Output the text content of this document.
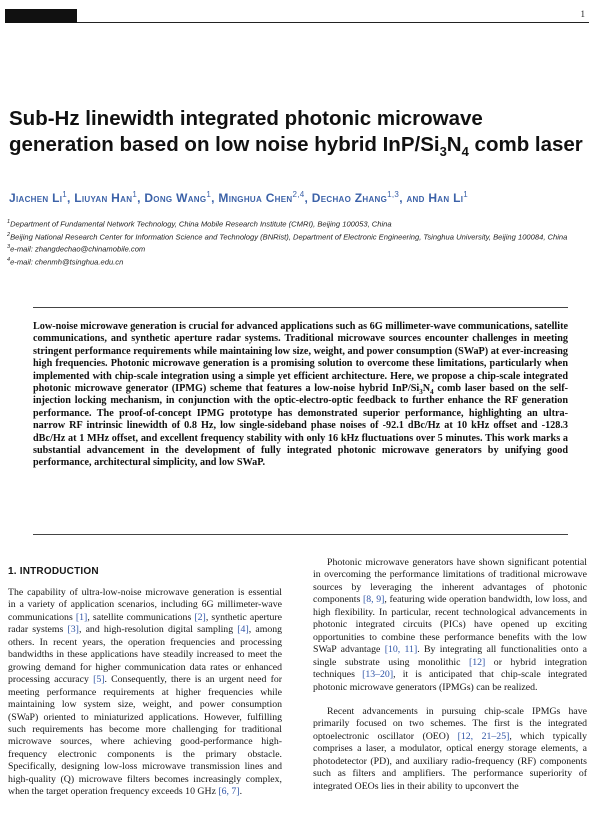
1
Sub-Hz linewidth integrated photonic microwave generation based on low noise hybrid InP/$Si_3N_4$ comb laser
Jiachen Li$^1$, Liuyan Han$^1$, Dong Wang$^1$, Minghua Chen$^{2,4}$, Dechao Zhang$^{1,3}$, and Han Li$^1$
$^1$Department of Fundamental Network Technology, China Mobile Research Institute (CMRI), Beijing 100053, China
$^2$Beijing National Research Center for Information Science and Technology (BNRist), Department of Electronic Engineering, Tsinghua University, Beijing 100084, China
$^3$e-mail: zhangdechao@chinamobile.com
$^4$e-mail: chenmh@tsinghua.edu.cn

Low-noise microwave generation is crucial for advanced applications such as 6G millimeter-wave communications, satellite communications, and synthetic aperture radar systems. Traditional microwave sources encounter challenges in meeting stringent performance requirements while maintaining low size, weight, and power consumption (SWaP) at ever-increasing high frequencies. Photonic microwave generation is a promising solution to overcome these limitations, particularly when implemented with chip-scale integration using a simple yet efficient architecture. Here, we propose a chip-scale integrated photonic microwave generator (IPMG) scheme that features a low-noise hybrid InP/$Si_3N_4$ comb laser based on the self-injection locking mechanism, in conjunction with the optic-electro-optic feedback to further enhance the RF generation performance. The proof-of-concept IPMG prototype has demonstrated superior performance, highlighting an ultra-narrow RF intrinsic linewidth of 0.8 Hz, low single-sideband phase noises of -92.1 dBc/Hz at 10 kHz offset and -128.3 dBc/Hz at 1 MHz offset, and excellent frequency stability with only 16 kHz fluctuations over 5 minutes. This work marks a substantial advancement in the development of fully integrated photonic microwave generators by unifying good performance, architectural simplicity, and low SWaP.

1. INTRODUCTION

The capability of ultra-low-noise microwave generation is essential in a variety of application scenarios, including 6G millimeter-wave communications [1], satellite communications [2], synthetic aperture radar systems [3], and high-resolution digital sampling [4], among others. In recent years, the operation frequencies and processing bandwidths in these applications have steadily increased to meet the growing demand for higher communication data rates or enhanced processing accuracy [5]. Consequently, there is an urgent need for meeting performance requirements at higher frequencies while maintaining low system size, weight, and power consumption (SWaP) oriented to miniaturized applications. However, fulfilling such requirements has become more challenging for traditional microwave sources, where achieving good-performance high-frequency electronic components is the primary obstacle. Specifically, designing low-loss microwave transmission lines and high-quality (Q) microwave filters becomes increasingly complex, when the target operation frequency exceeds 10 GHz [6, 7].

Photonic microwave generators have shown significant potential in overcoming the performance limitations of traditional microwave sources by leveraging the inherent advantages of photonic components [8, 9], featuring wide operation bandwidth, low loss, and high flexibility. In particular, recent technological advancements in photonic integrated circuits (PICs) have opened up exciting opportunities to combine these performance benefits with the low SWaP advantage [10, 11]. By integrating all functionalities onto a single substrate using monolithic [12] or hybrid integration techniques [13–20], it is anticipated that chip-scale integrated photonic microwave generators (IPMGs) can be realized.

Recent advancements in pursuing chip-scale IPMGs have primarily focused on two schemes. The first is the integrated optoelectronic oscillator (OEO) [12, 21–25], which typically comprises a laser, a modulator, optical energy storage elements, a photodetector (PD), and auxiliary radio-frequency (RF) components such as filters and amplifiers. The performance superiority of integrated OEOs lies in their ability to upconvert the
